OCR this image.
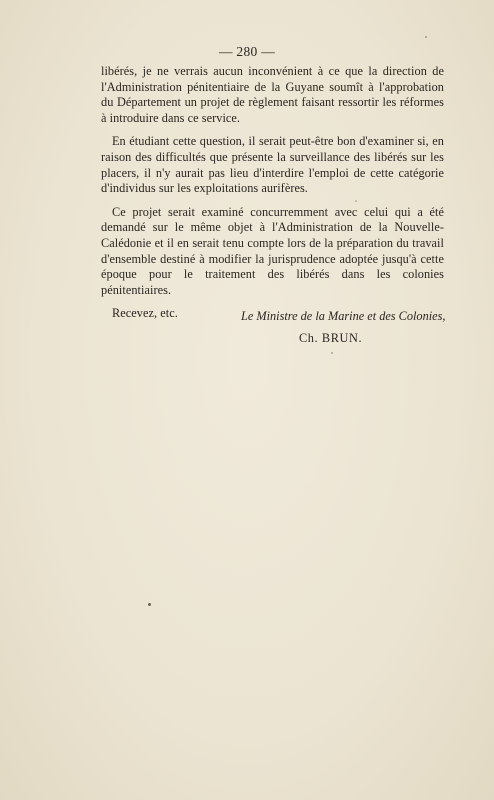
— 280 —

libérés, je ne verrais aucun inconvénient à ce que la direction de l'Administration pénitentiaire de la Guyane soumît à l'approbation du Département un projet de règlement faisant ressortir les réformes à introduire dans ce service.

En étudiant cette question, il serait peut-être bon d'examiner si, en raison des difficultés que présente la surveillance des libérés sur les placers, il n'y aurait pas lieu d'interdire l'emploi de cette catégorie d'individus sur les exploitations aurifères.

Ce projet serait examiné concurremment avec celui qui a été demandé sur le même objet à l'Administration de la Nouvelle-Calédonie et il en serait tenu compte lors de la préparation du travail d'ensemble destiné à modifier la jurisprudence adoptée jusqu'à cette époque pour le traitement des libérés dans les colonies pénitentiaires.

Recevez, etc.	Le Ministre de la Marine et des Colonies,
Ch. BRUN.
